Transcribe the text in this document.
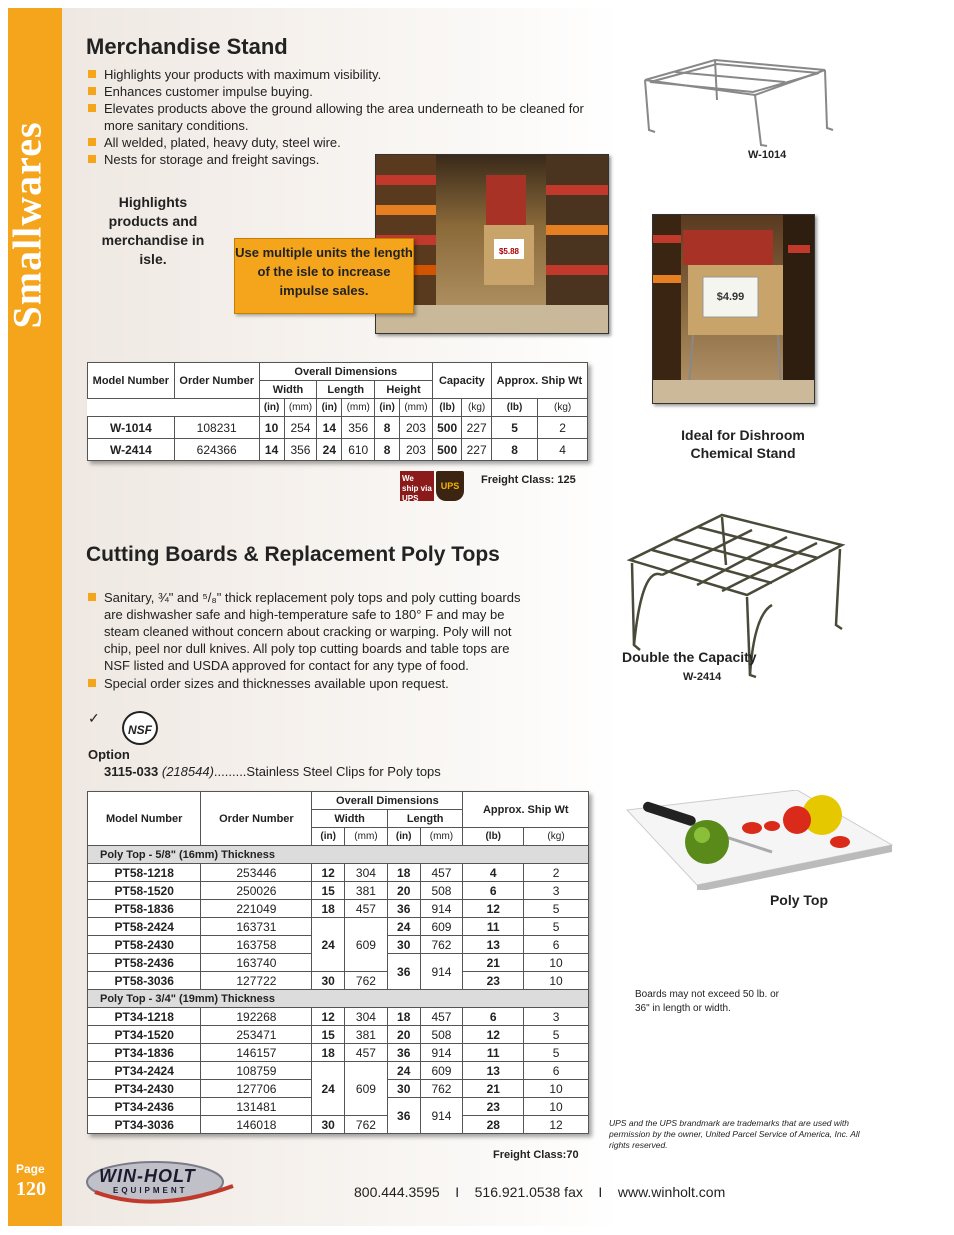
Smallwares
Page
120
Merchandise Stand
Highlights your products with maximum visibility.
Enhances customer impulse buying.
Elevates products above the ground allowing the area underneath to be cleaned for more sanitary conditions.
All welded, plated, heavy duty, steel wire.
Nests for storage and freight savings.
Highlights products and merchandise in isle.	$5.88
Use multiple units the length of the isle to increase impulse sales.
W-1014
$4.99
Ideal for Dishroom Chemical Stand
Model Number	Order Number	Overall Dimensions						Capacity		Approx. Ship Wt	
		Width		Length		Height					
		(in)	(mm)	(in)	(mm)	(in)	(mm)	(lb)	(kg)	(lb)	(kg)
W-1014	108231	10	254	14	356	8	203	500	227	5	2
W-2414	624366	14	356	24	610	8	203	500	227	8	4
We ship via UPS
UPS	Freight Class: 125
Cutting Boards & Replacement Poly Tops
Sanitary, ¾" and ⁵/₈" thick replacement poly tops and poly cutting boards are dishwasher safe and high-temperature safe to 180° F and may be steam cleaned without concern about cracking or warping. Poly will not chip, peel nor dull knives. All poly top cutting boards and table tops are NSF listed and USDA approved for contact for any type of food.
Special order sizes and thicknesses available upon request.
✓
NSF
Option
3115-033 (218544).........Stainless Steel Clips for Poly tops
Double the Capacity
W-2414
Poly Top
Boards may not exceed 50 lb. or 36" in length or width.
Model Number	Order Number	Overall Dimensions				Approx. Ship Wt	
		Width		Length			
		(in)	(mm)	(in)	(mm)	(lb)	(kg)
Poly Top - 5/8" (16mm) Thickness							
PT58-1218	253446	12	304	18	457	4	2
PT58-1520	250026	15	381	20	508	6	3
PT58-1836	221049	18	457	36	914	12	5
PT58-2424	163731	24	609	24	609	11	5
PT58-2430	163758			30	762	13	6
PT58-2436	163740			36	914	21	10
PT58-3036	127722	30	762			23	10
Poly Top - 3/4" (19mm) Thickness							
PT34-1218	192268	12	304	18	457	6	3
PT34-1520	253471	15	381	20	508	12	5
PT34-1836	146157	18	457	36	914	11	5
PT34-2424	108759	24	609	24	609	13	6
PT34-2430	127706			30	762	21	10
PT34-2436	131481			36	914	23	10
PT34-3036	146018	30	762			28	12
Freight Class:70
UPS and the UPS brandmark are trademarks that are used with permission by the owner, United Parcel Service of America, Inc. All rights reserved.
WIN-HOLT
EQUIPMENT	800.444.3595    I    516.921.0538 fax    I    www.winholt.com
